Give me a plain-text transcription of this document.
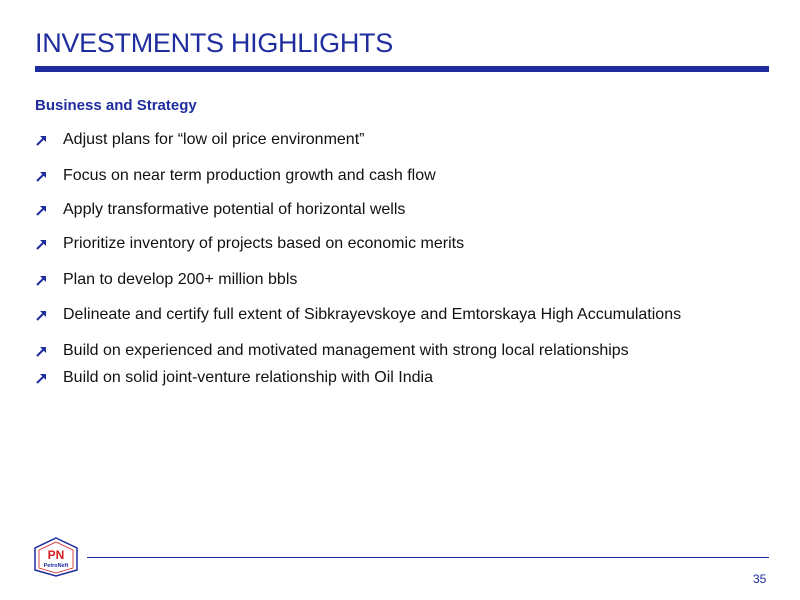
INVESTMENTS HIGHLIGHTS
Business and Strategy
Adjust plans for “low oil price environment”
Focus on near term production growth and cash flow
Apply transformative potential of horizontal wells
Prioritize inventory of projects based on economic merits
Plan to develop 200+ million bbls
Delineate and certify full extent of Sibkrayevskoye and Emtorskaya High Accumulations
Build on experienced and motivated management with strong local relationships
Build on solid joint-venture relationship with Oil India
PN
PetroNeft
35
